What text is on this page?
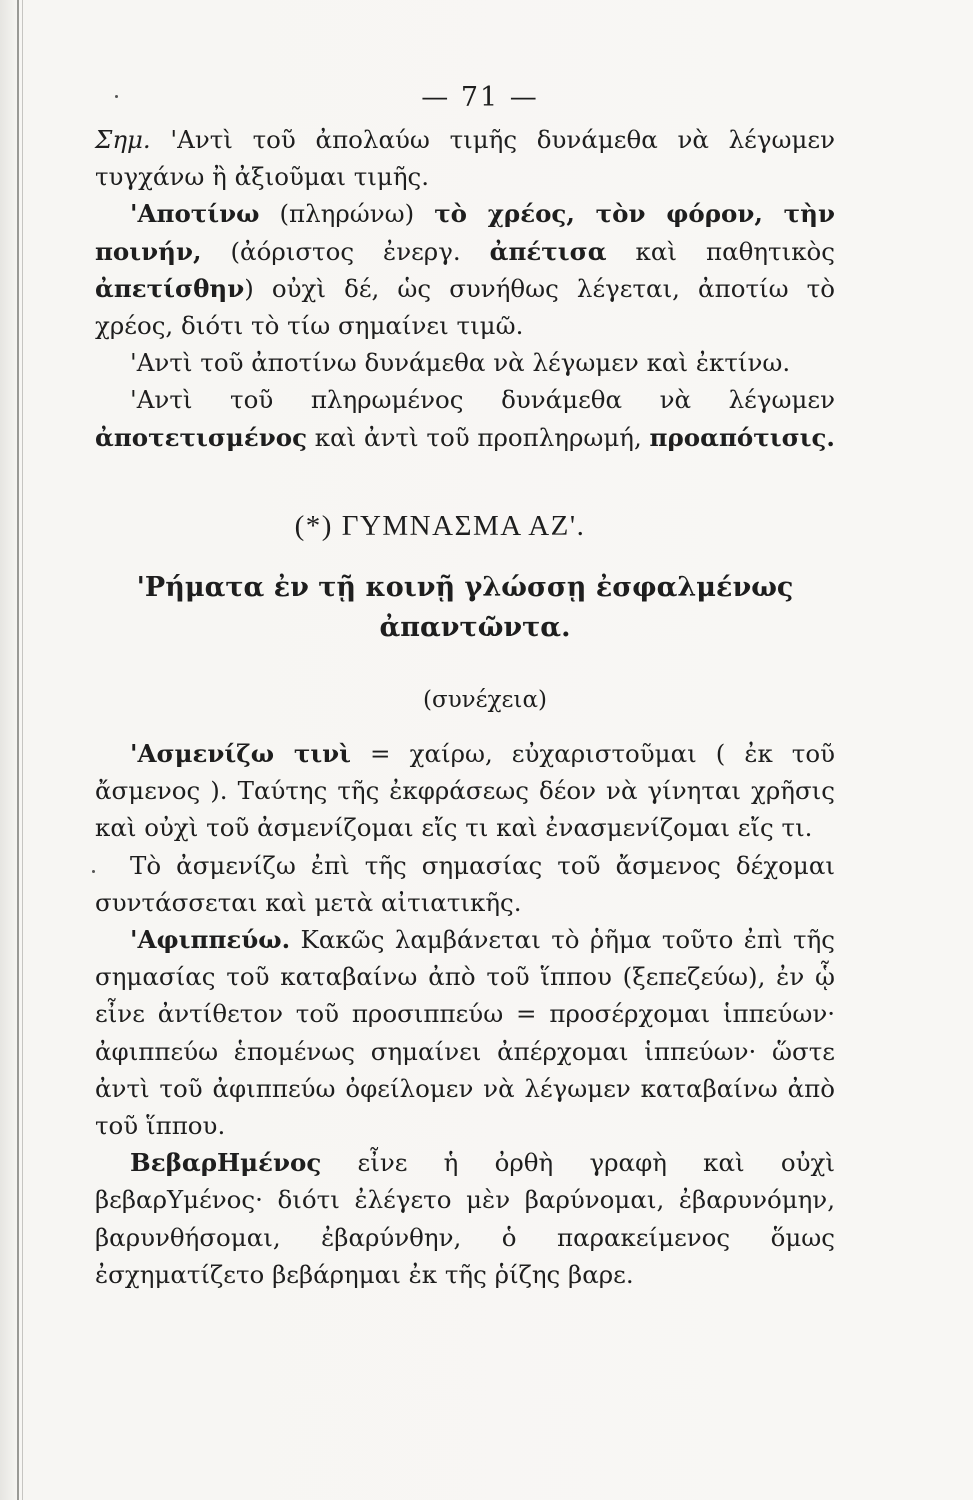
— 71 —

Σημ. 'Αντὶ τοῦ ἀπολαύω τιμῆς δυνάμεθα νὰ λέγωμεν τυγχάνω ἢ ἀξιοῦμαι τιμῆς.

'Αποτίνω (πληρώνω) τὸ χρέος, τὸν φόρον, τὴν ποινήν, (ἀόριστος ἐνεργ. ἀπέτισα καὶ παθητικὸς ἀπετίσθην) οὐχὶ δέ, ὡς συνήθως λέγεται, ἀποτίω τὸ χρέος, διότι τὸ τίω σημαίνει τιμῶ.

'Αντὶ τοῦ ἀποτίνω δυνάμεθα νὰ λέγωμεν καὶ ἐκτίνω.

'Αντὶ τοῦ πληρωμένος δυνάμεθα νὰ λέγωμεν ἀποτετισμένος καὶ ἀντὶ τοῦ προπληρωμή, προαπότισις.

(*) ΓΥΜΝΑΣΜΑ ΑΖ'.
'Ρήματα ἐν τῇ κοινῇ γλώσσῃ ἐσφαλμένως
ἀπαντῶντα.
(συνέχεια)

'Ασμενίζω τινὶ = χαίρω, εὐχαριστοῦμαι ( ἐκ τοῦ ἄσμενος ). Ταύτης τῆς ἐκφράσεως δέον νὰ γίνηται χρῆσις καὶ οὐχὶ τοῦ ἀσμενίζομαι εἴς τι καὶ ἐνασμενίζομαι εἴς τι.

Τὸ ἀσμενίζω ἐπὶ τῆς σημασίας τοῦ ἄσμενος δέχομαι συντάσσεται καὶ μετὰ αἰτιατικῆς.

'Αφιππεύω. Κακῶς λαμβάνεται τὸ ῥῆμα τοῦτο ἐπὶ τῆς σημασίας τοῦ καταβαίνω ἀπὸ τοῦ ἵππου (ξεπεζεύω), ἐν ᾧ εἶνε ἀντίθετον τοῦ προσιππεύω = προσέρχομαι ἱππεύων· ἀφιππεύω ἑπομένως σημαίνει ἀπέρχομαι ἱππεύων· ὥστε ἀντὶ τοῦ ἀφιππεύω ὀφείλομεν νὰ λέγωμεν καταβαίνω ἀπὸ τοῦ ἵππου.

ΒεβαρΗμένος εἶνε ἡ ὀρθὴ γραφὴ καὶ οὐχὶ βεβαρΥμένος· διότι ἐλέγετο μὲν βαρύνομαι, ἐβαρυνόμην, βαρυνθήσομαι, ἐβαρύνθην, ὁ παρακείμενος ὅμως ἐσχηματίζετο βεβάρημαι ἐκ τῆς ῥίζης βαρε.
